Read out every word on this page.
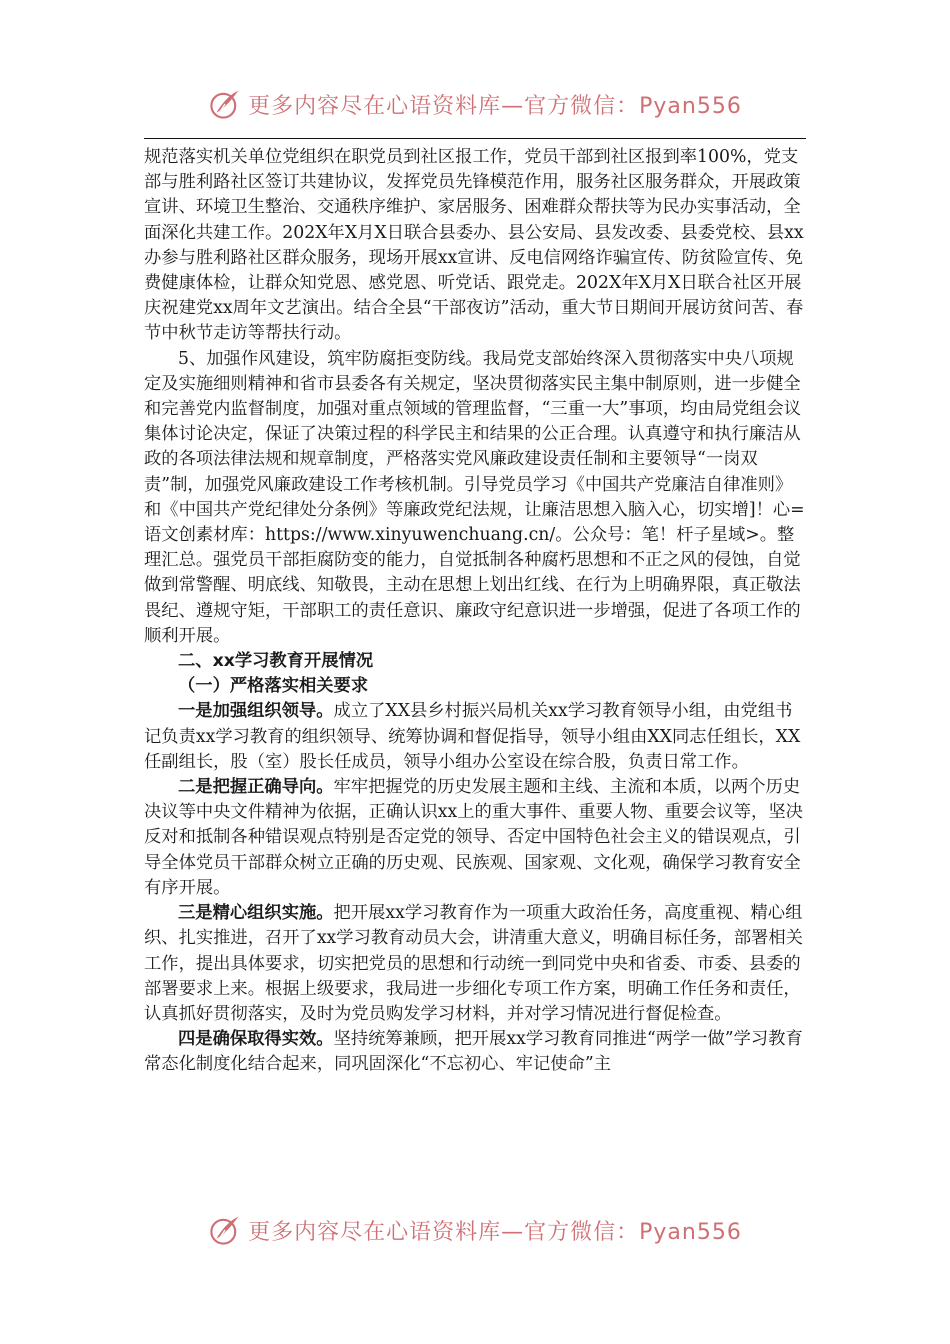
更多内容尽在心语资料库—官方微信：Pyan556

规范落实机关单位党组织在职党员到社区报工作，党员干部到社区报到率100%，党支部与胜利路社区签订共建协议，发挥党员先锋模范作用，服务社区服务群众，开展政策宣讲、环境卫生整治、交通秩序维护、家居服务、困难群众帮扶等为民办实事活动，全面深化共建工作。202X年X月X日联合县委办、县公安局、县发改委、县委党校、县xx办参与胜利路社区群众服务，现场开展xx宣讲、反电信网络诈骗宣传、防贫险宣传、免费健康体检，让群众知党恩、感党恩、听党话、跟党走。202X年X月X日联合社区开展庆祝建党xx周年文艺演出。结合全县“干部夜访”活动，重大节日期间开展访贫问苦、春节中秋节走访等帮扶行动。

5、加强作风建设，筑牢防腐拒变防线。我局党支部始终深入贯彻落实中央八项规定及实施细则精神和省市县委各有关规定，坚决贯彻落实民主集中制原则，进一步健全和完善党内监督制度，加强对重点领域的管理监督，“三重一大”事项，均由局党组会议集体讨论决定，保证了决策过程的科学民主和结果的公正合理。认真遵守和执行廉洁从政的各项法律法规和规章制度，严格落实党风廉政建设责任制和主要领导“一岗双责”制，加强党风廉政建设工作考核机制。引导党员学习《中国共产党廉洁自律准则》和《中国共产党纪律处分条例》等廉政党纪法规，让廉洁思想入脑入心，切实增]！心=语文创素材库：https://www.xinyuwenchuang.cn/。公众号：笔！杆子星域>。整理汇总。强党员干部拒腐防变的能力，自觉抵制各种腐朽思想和不正之风的侵蚀，自觉做到常警醒、明底线、知敬畏，主动在思想上划出红线、在行为上明确界限，真正敬法畏纪、遵规守矩，干部职工的责任意识、廉政守纪意识进一步增强，促进了各项工作的顺利开展。

二、xx学习教育开展情况

（一）严格落实相关要求

一是加强组织领导。成立了XX县乡村振兴局机关xx学习教育领导小组，由党组书记负责xx学习教育的组织领导、统筹协调和督促指导，领导小组由XX同志任组长，XX任副组长，股（室）股长任成员，领导小组办公室设在综合股，负责日常工作。

二是把握正确导向。牢牢把握党的历史发展主题和主线、主流和本质，以两个历史决议等中央文件精神为依据，正确认识xx上的重大事件、重要人物、重要会议等，坚决反对和抵制各种错误观点特别是否定党的领导、否定中国特色社会主义的错误观点，引导全体党员干部群众树立正确的历史观、民族观、国家观、文化观，确保学习教育安全有序开展。

三是精心组织实施。把开展xx学习教育作为一项重大政治任务，高度重视、精心组织、扎实推进，召开了xx学习教育动员大会，讲清重大意义，明确目标任务，部署相关工作，提出具体要求，切实把党员的思想和行动统一到同党中央和省委、市委、县委的部署要求上来。根据上级要求，我局进一步细化专项工作方案，明确工作任务和责任，认真抓好贯彻落实，及时为党员购发学习材料，并对学习情况进行督促检查。

四是确保取得实效。坚持统筹兼顾，把开展xx学习教育同推进“两学一做”学习教育常态化制度化结合起来，同巩固深化“不忘初心、牢记使命”主

更多内容尽在心语资料库—官方微信：Pyan556
